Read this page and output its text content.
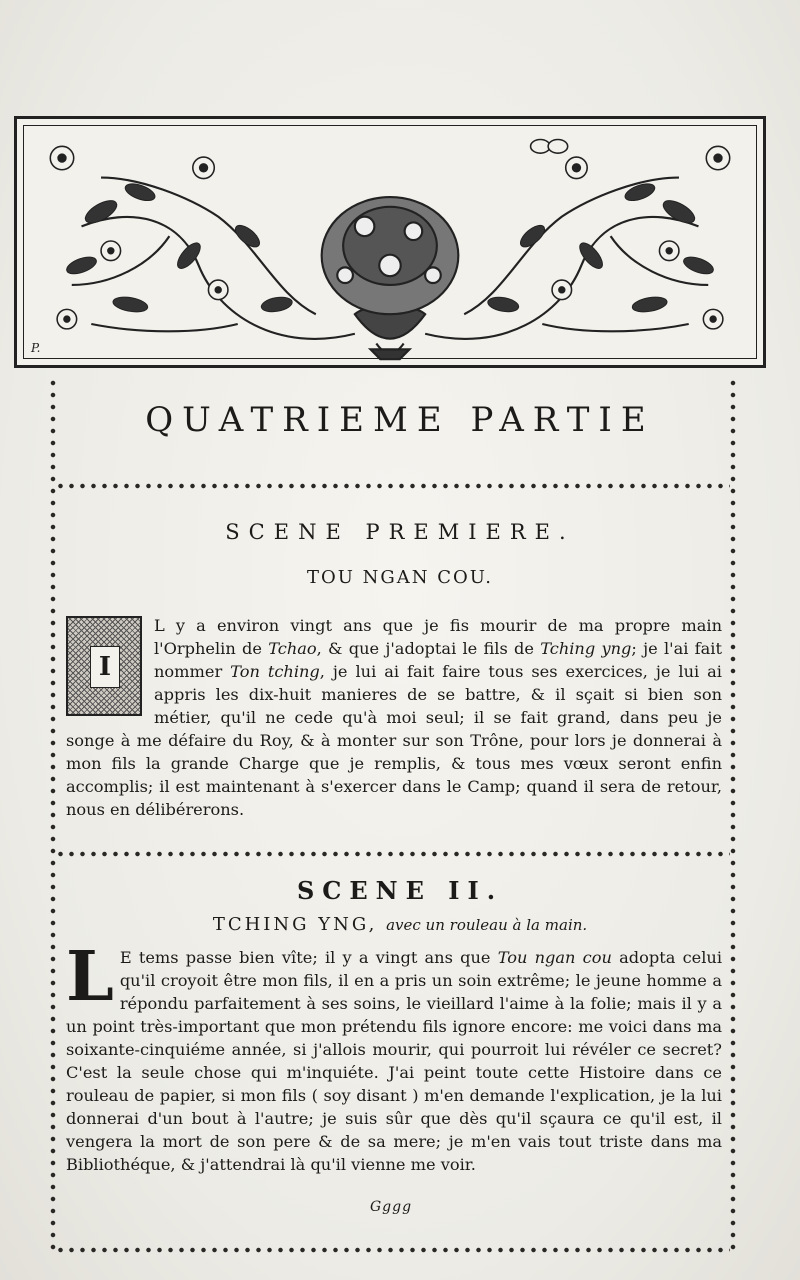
P.
QUATRIEME PARTIE
SCENE PREMIERE.
TOU NGAN COU.
I
L y a environ vingt ans que je fis mourir de ma propre main l'Orphelin de Tchao, & que j'adoptai le fils de Tching yng; je l'ai fait nommer Ton tching, je lui ai fait faire tous ses exercices, je lui ai appris les dix-huit manieres de se battre, & il sçait si bien son métier, qu'il ne cede qu'à moi seul; il se fait grand, dans peu je songe à me défaire du Roy, & à monter sur son Trône, pour lors je donnerai à mon fils la grande Charge que je remplis, & tous mes vœux seront enfin accomplis; il est maintenant à s'exercer dans le Camp; quand il sera de retour, nous en délibérerons.
SCENE II.
TCHING YNG, avec un rouleau à la main.
L E tems passe bien vîte; il y a vingt ans que Tou ngan cou adopta celui qu'il croyoit être mon fils, il en a pris un soin extrême; le jeune homme a répondu parfaitement à ses soins, le vieillard l'aime à la folie; mais il y a un point très-important que mon prétendu fils ignore encore: me voici dans ma soixante-cinquiéme année, si j'allois mourir, qui pourroit lui révéler ce secret? C'est la seule chose qui m'inquiéte. J'ai peint toute cette Histoire dans ce rouleau de papier, si mon fils ( soy disant ) m'en demande l'explication, je la lui donnerai d'un bout à l'autre; je suis sûr que dès qu'il sçaura ce qu'il est, il vengera la mort de son pere & de sa mere; je m'en vais tout triste dans ma Bibliothéque, & j'attendrai là qu'il vienne me voir.
Gggg
